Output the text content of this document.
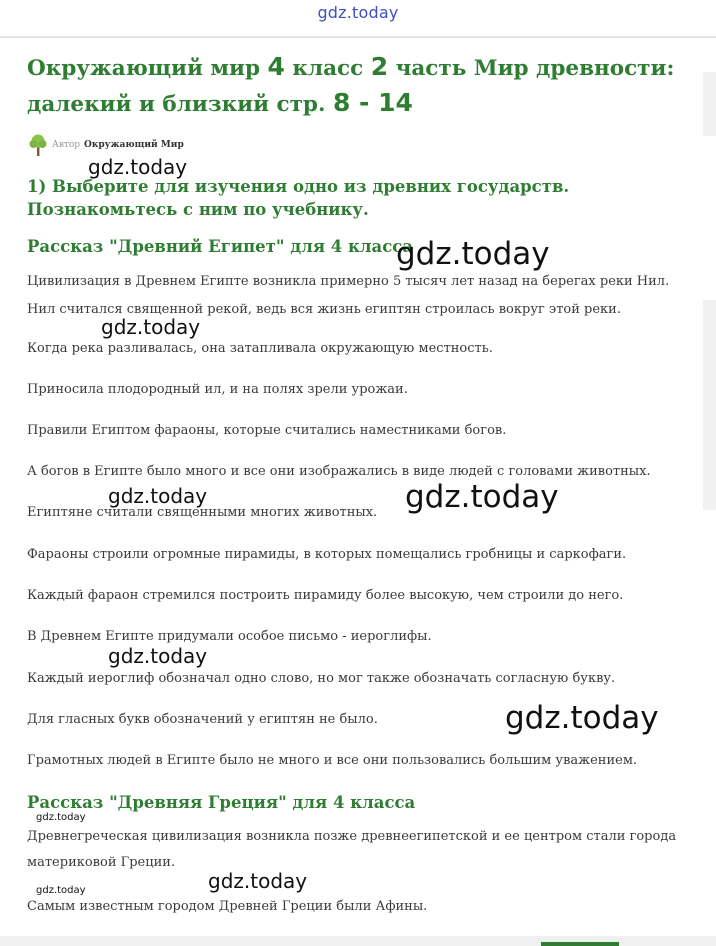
gdz.today
Окружающий мир 4 класс 2 часть Мир древности: далекий и близкий стр. 8 - 14
Автор Окружающий Мир
1) Выберите для изучения одно из древних государств. Познакомьтесь с ним по учебнику.
Рассказ "Древний Египет" для 4 класса

Цивилизация в Древнем Египте возникла примерно 5 тысяч лет назад на берегах реки Нил. Нил считался священной рекой, ведь вся жизнь египтян строилась вокруг этой реки.

Когда река разливалась, она затапливала окружающую местность.

Приносила плодородный ил, и на полях зрели урожаи.

Правили Египтом фараоны, которые считались наместниками богов.

А богов в Египте было много и все они изображались в виде людей с головами животных.

Египтяне считали священными многих животных.

Фараоны строили огромные пирамиды, в которых помещались гробницы и саркофаги.

Каждый фараон стремился построить пирамиду более высокую, чем строили до него.

В Древнем Египте придумали особое письмо - иероглифы.

Каждый иероглиф обозначал одно слово, но мог также обозначать согласную букву.

Для гласных букв обозначений у египтян не было.

Грамотных людей в Египте было не много и все они пользовались большим уважением.

Рассказ "Древняя Греция" для 4 класса

Древнегреческая цивилизация возникла позже древнеегипетской и ее центром стали города материковой Греции.

Самым известным городом Древней Греции были Афины.

gdz.today
gdz.today
gdz.today
gdz.today	gdz.today
gdz.today
gdz.today
gdz.today
gdz.today
gdz.today
